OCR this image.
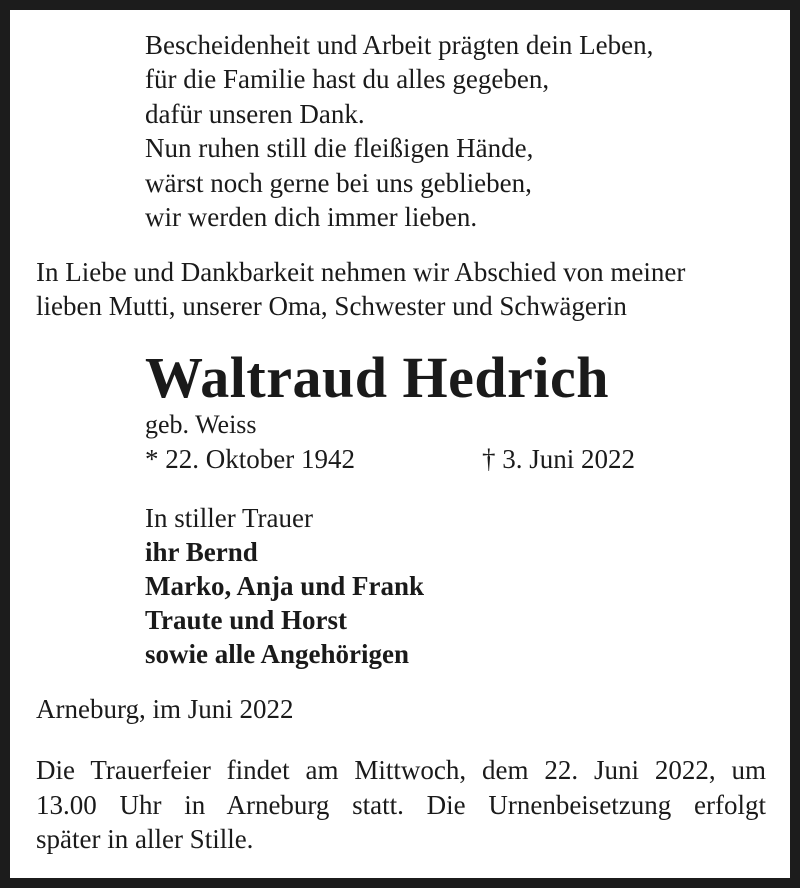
Bescheidenheit und Arbeit prägten dein Leben,
für die Familie hast du alles gegeben,
dafür unseren Dank.
Nun ruhen still die fleißigen Hände,
wärst noch gerne bei uns geblieben,
wir werden dich immer lieben.
In Liebe und Dankbarkeit nehmen wir Abschied von meiner
lieben Mutti, unserer Oma, Schwester und Schwägerin
Waltraud Hedrich
geb. Weiss
* 22. Oktober 1942	† 3. Juni 2022
In stiller Trauer
ihr Bernd
Marko, Anja und Frank
Traute und Horst
sowie alle Angehörigen
Arneburg, im Juni 2022
Die Trauerfeier findet am Mittwoch, dem 22. Juni 2022, um
13.00 Uhr in Arneburg statt. Die Urnenbeisetzung erfolgt
später in aller Stille.
